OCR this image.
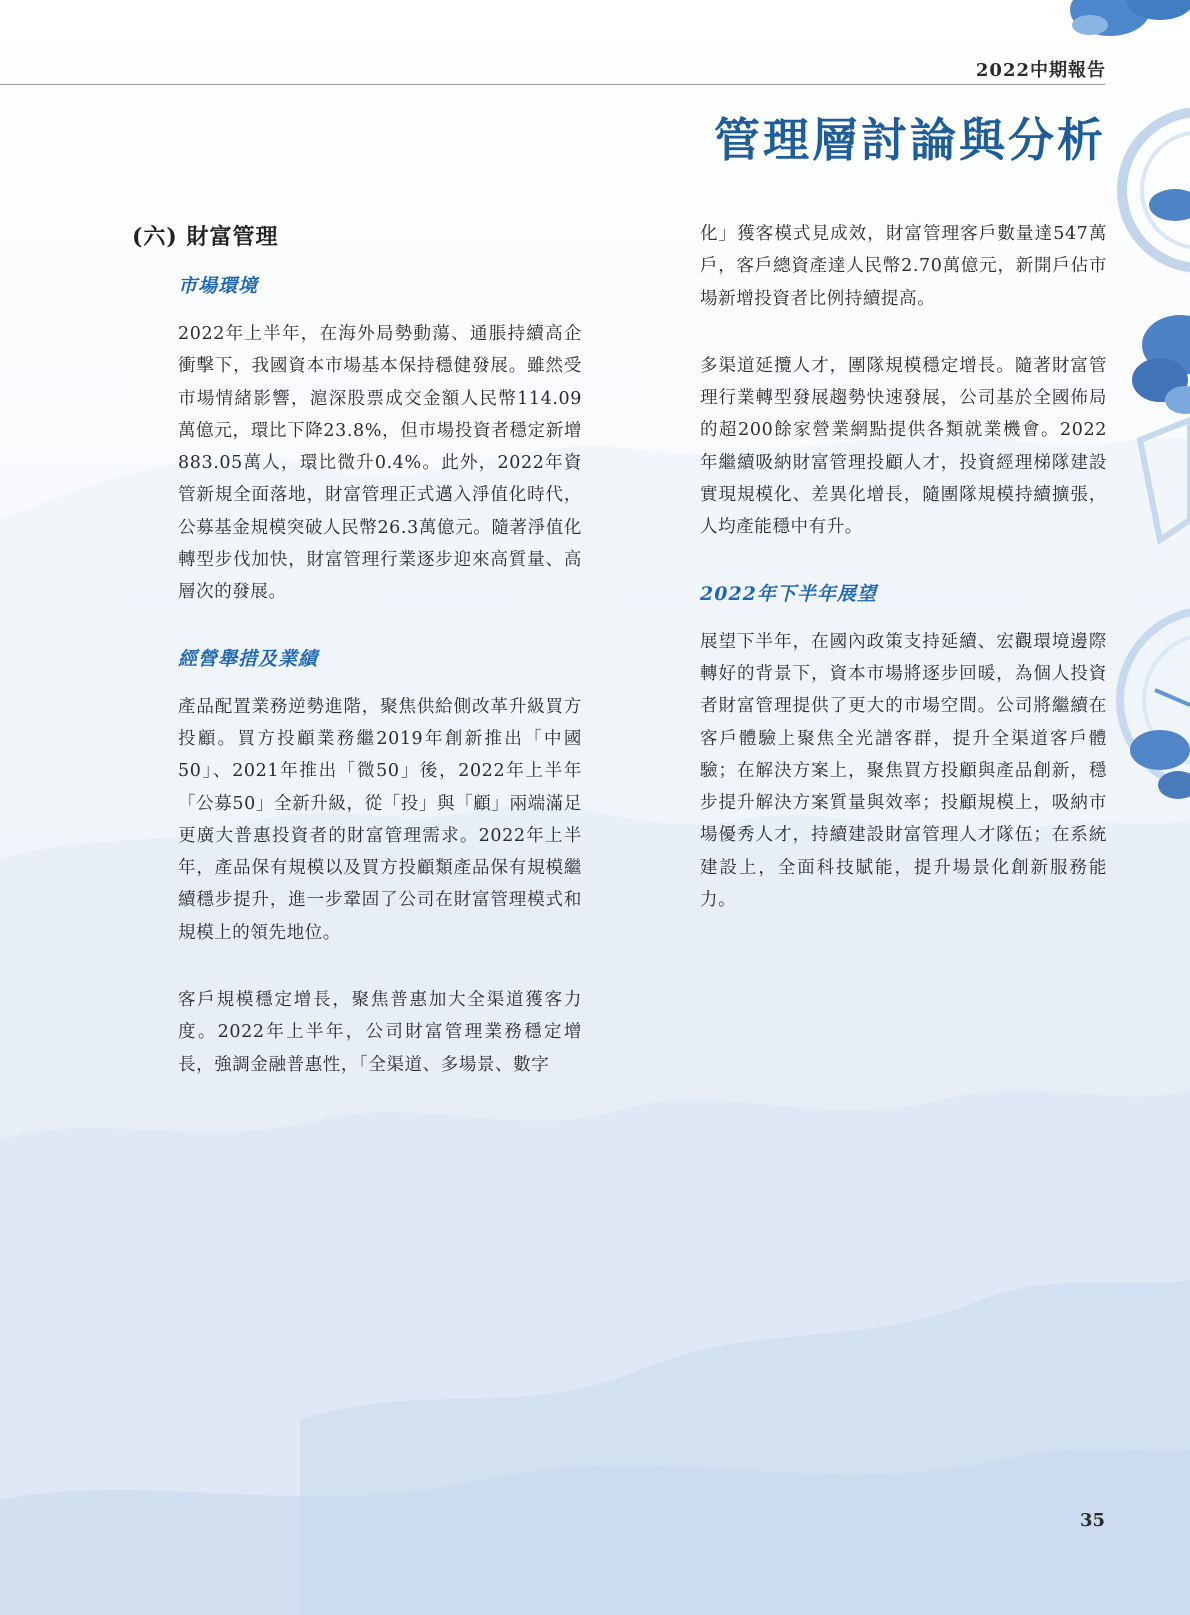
2022中期報告
管理層討論與分析
(六) 財富管理
市場環境

2022年上半年，在海外局勢動蕩、通脹持續高企衝擊下，我國資本市場基本保持穩健發展。雖然受市場情緒影響，滬深股票成交金額人民幣114.09萬億元，環比下降23.8%，但市場投資者穩定新增883.05萬人，環比微升0.4%。此外，2022年資管新規全面落地，財富管理正式邁入淨值化時代，公募基金規模突破人民幣26.3萬億元。隨著淨值化轉型步伐加快，財富管理行業逐步迎來高質量、高層次的發展。

經營舉措及業績

產品配置業務逆勢進階，聚焦供給側改革升級買方投顧。買方投顧業務繼2019年創新推出「中國50」、2021年推出「微50」後，2022年上半年「公募50」全新升級，從「投」與「顧」兩端滿足更廣大普惠投資者的財富管理需求。2022年上半年，產品保有規模以及買方投顧類產品保有規模繼續穩步提升，進一步鞏固了公司在財富管理模式和規模上的領先地位。

客戶規模穩定增長，聚焦普惠加大全渠道獲客力度。2022年上半年，公司財富管理業務穩定增長，強調金融普惠性，「全渠道、多場景、數字

化」獲客模式見成效，財富管理客戶數量達547萬戶，客戶總資產達人民幣2.70萬億元，新開戶佔市場新增投資者比例持續提高。

多渠道延攬人才，團隊規模穩定增長。隨著財富管理行業轉型發展趨勢快速發展，公司基於全國佈局的超200餘家營業網點提供各類就業機會。2022年繼續吸納財富管理投顧人才，投資經理梯隊建設實現規模化、差異化增長，隨團隊規模持續擴張，人均產能穩中有升。

2022年下半年展望

展望下半年，在國內政策支持延續、宏觀環境邊際轉好的背景下，資本市場將逐步回暖，為個人投資者財富管理提供了更大的市場空間。公司將繼續在客戶體驗上聚焦全光譜客群，提升全渠道客戶體驗；在解決方案上，聚焦買方投顧與產品創新，穩步提升解決方案質量與效率；投顧規模上，吸納市場優秀人才，持續建設財富管理人才隊伍；在系統建設上，全面科技賦能，提升場景化創新服務能力。

35
